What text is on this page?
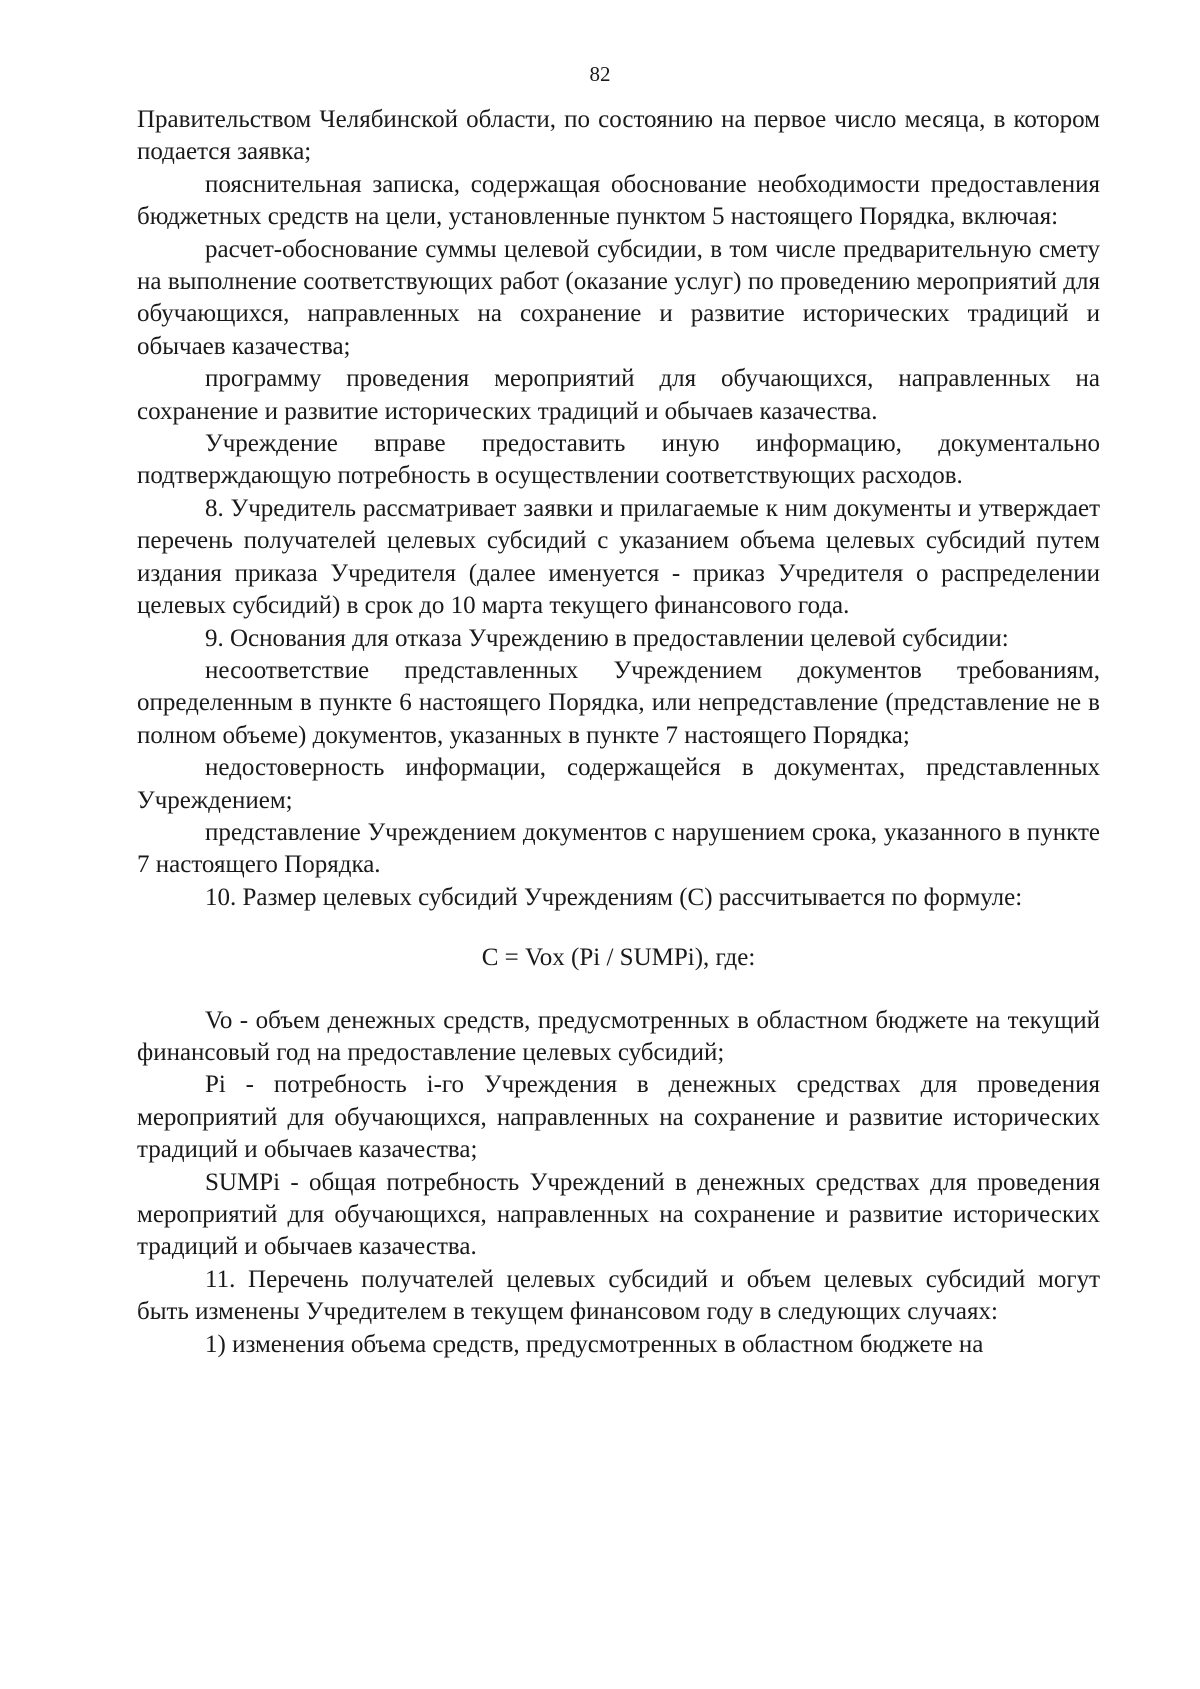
82

Правительством Челябинской области, по состоянию на первое число месяца, в котором подается заявка;

пояснительная записка, содержащая обоснование необходимости предоставления бюджетных средств на цели, установленные пунктом 5 настоящего Порядка, включая:

расчет-обоснование суммы целевой субсидии, в том числе предварительную смету на выполнение соответствующих работ (оказание услуг) по проведению мероприятий для обучающихся, направленных на сохранение и развитие исторических традиций и обычаев казачества;

программу проведения мероприятий для обучающихся, направленных на сохранение и развитие исторических традиций и обычаев казачества.

Учреждение вправе предоставить иную информацию, документально подтверждающую потребность в осуществлении соответствующих расходов.

8. Учредитель рассматривает заявки и прилагаемые к ним документы и утверждает перечень получателей целевых субсидий с указанием объема целевых субсидий путем издания приказа Учредителя (далее именуется - приказ Учредителя о распределении целевых субсидий) в срок до 10 марта текущего финансового года.

9. Основания для отказа Учреждению в предоставлении целевой субсидии:

несоответствие представленных Учреждением документов требованиям, определенным в пункте 6 настоящего Порядка, или непредставление (представление не в полном объеме) документов, указанных в пункте 7 настоящего Порядка;

недостоверность информации, содержащейся в документах, представленных Учреждением;

представление Учреждением документов с нарушением срока, указанного в пункте 7 настоящего Порядка.

10. Размер целевых субсидий Учреждениям (С) рассчитывается по формуле:

С = Vox (Pi / SUMPi), где:

Vo - объем денежных средств, предусмотренных в областном бюджете на текущий финансовый год на предоставление целевых субсидий;

Pi - потребность i-го Учреждения в денежных средствах для проведения мероприятий для обучающихся, направленных на сохранение и развитие исторических традиций и обычаев казачества;

SUMPi - общая потребность Учреждений в денежных средствах для проведения мероприятий для обучающихся, направленных на сохранение и развитие исторических традиций и обычаев казачества.

11. Перечень получателей целевых субсидий и объем целевых субсидий могут быть изменены Учредителем в текущем финансовом году в следующих случаях:

1) изменения объема средств, предусмотренных в областном бюджете на
